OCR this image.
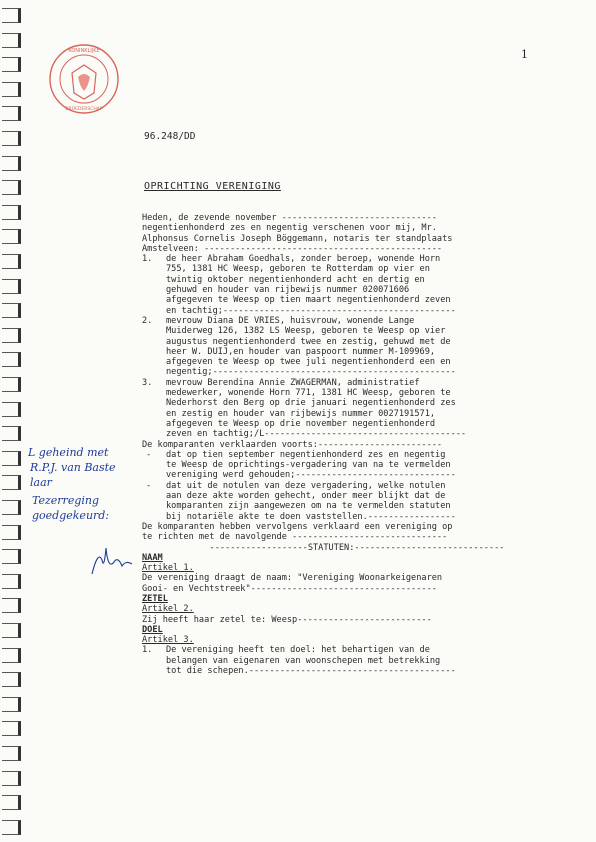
KONINKLIJKE
BROEDERSCHAP
1
96.248/DD
OPRICHTING VERENIGING
L geheind met
R.P.J. van Baste
laar
Tezerreging
goedgekeurd:
Heden, de zevende november ------------------------------
negentienhonderd zes en negentig verschenen voor mij, Mr.
Alphonsus Cornelis Joseph Böggemann, notaris ter standplaats
Amstelveen: ----------------------------------------------
1. de heer Abraham Goedhals, zonder beroep, wonende Horn
755, 1381 HC Weesp, geboren te Rotterdam op vier en
twintig oktober negentienhonderd acht en dertig en
gehuwd en houder van rijbewijs nummer 020071606
afgegeven te Weesp op tien maart negentienhonderd zeven
en tachtig;---------------------------------------------
2. mevrouw Diana DE VRIES, huisvrouw, wonende Lange
Muiderweg 126, 1382 LS Weesp, geboren te Weesp op vier
augustus negentienhonderd twee en zestig, gehuwd met de
heer W. DUIJ,en houder van paspoort nummer M-109969,
afgegeven te Weesp op twee juli negentienhonderd een en
negentig;-----------------------------------------------
3. mevrouw Berendina Annie ZWAGERMAN, administratief
medewerker, wonende Horn 771, 1381 HC Weesp, geboren te
Nederhorst den Berg op drie januari negentienhonderd zes
en zestig en houder van rijbewijs nummer 0027191571,
afgegeven te Weesp op drie november negentienhonderd
zeven en tachtig;/L---------------------------------------
De komparanten verklaarden voorts:------------------------
- dat op tien september negentienhonderd zes en negentig
te Weesp de oprichtings-vergadering van na te vermelden
vereniging werd gehouden;-------------------------------
- dat uit de notulen van deze vergadering, welke notulen
aan deze akte worden gehecht, onder meer blijkt dat de
komparanten zijn aangewezen om na te vermelden statuten
bij notariële akte te doen vaststellen.-----------------
De komparanten hebben vervolgens verklaard een vereniging op
te richten met de navolgende ------------------------------
-------------------STATUTEN:-----------------------------
NAAM
Artikel 1.
De vereniging draagt de naam: "Vereniging Woonarkeigenaren
Gooi- en Vechtstreek"------------------------------------
ZETEL
Artikel 2.
Zij heeft haar zetel te: Weesp--------------------------
DOEL
Artikel 3.
1. De vereniging heeft ten doel: het behartigen van de
belangen van eigenaren van woonschepen met betrekking
tot die schepen.----------------------------------------
